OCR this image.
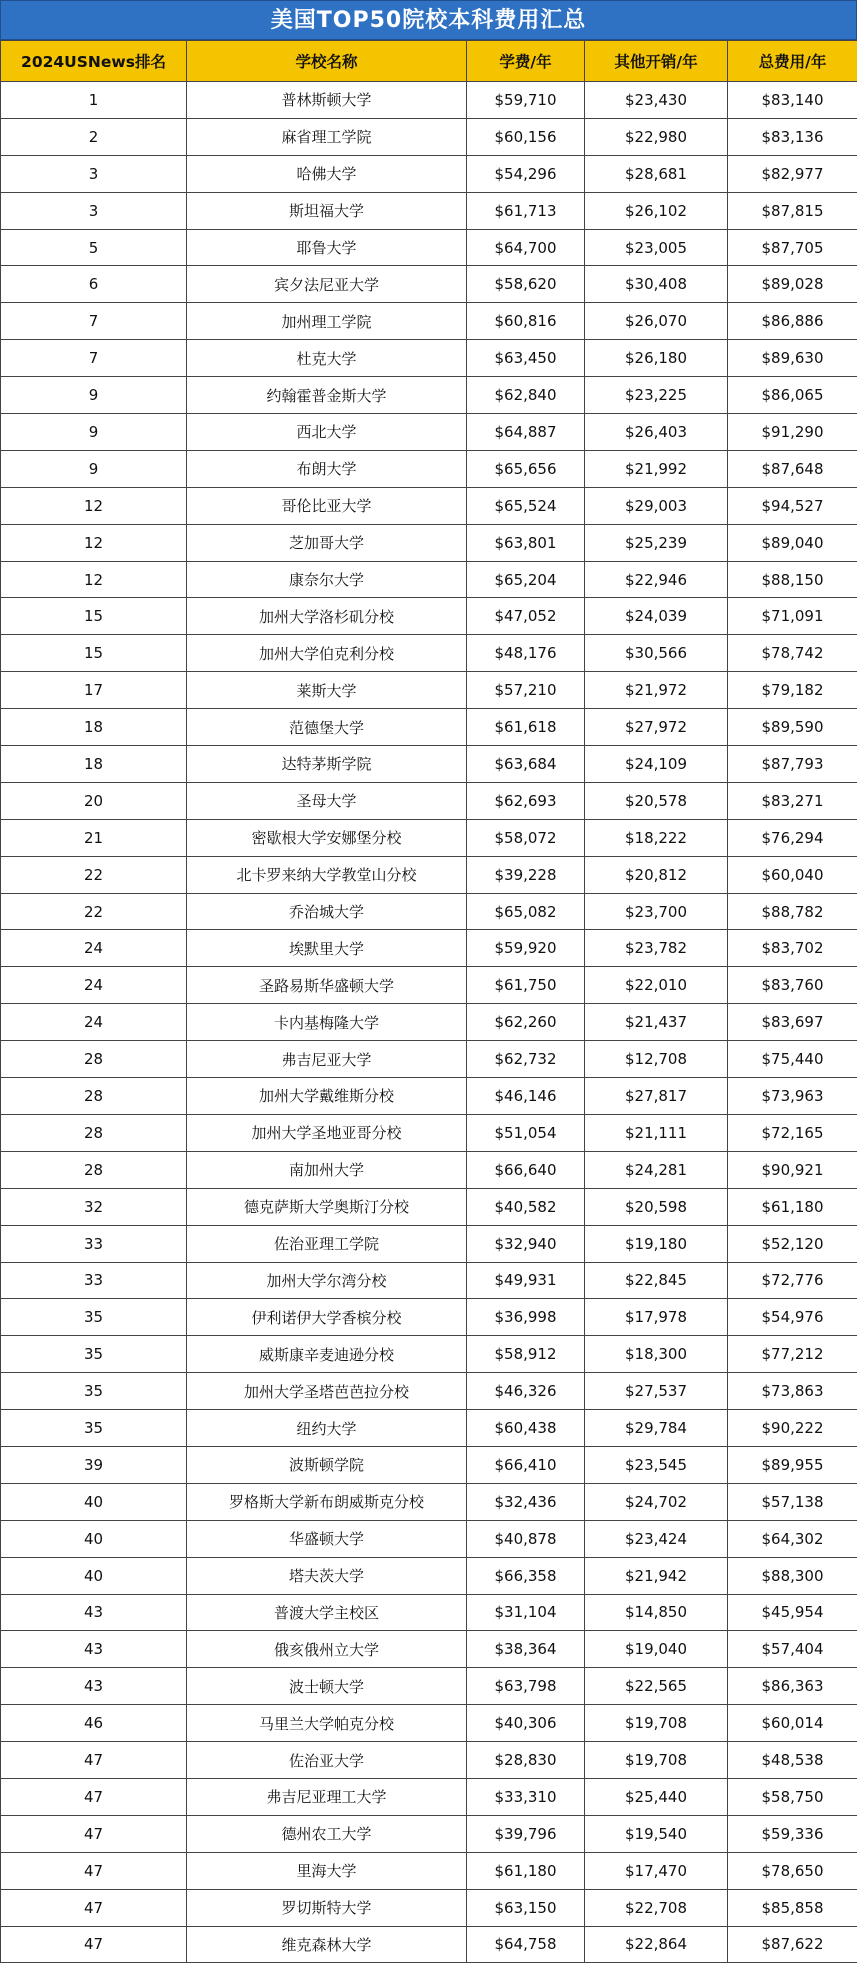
美国TOP50院校本科费用汇总
2024USNews排名	学校名称	学费/年	其他开销/年	总费用/年
1	普林斯顿大学	$59,710	$23,430	$83,140
2	麻省理工学院	$60,156	$22,980	$83,136
3	哈佛大学	$54,296	$28,681	$82,977
3	斯坦福大学	$61,713	$26,102	$87,815
5	耶鲁大学	$64,700	$23,005	$87,705
6	宾夕法尼亚大学	$58,620	$30,408	$89,028
7	加州理工学院	$60,816	$26,070	$86,886
7	杜克大学	$63,450	$26,180	$89,630
9	约翰霍普金斯大学	$62,840	$23,225	$86,065
9	西北大学	$64,887	$26,403	$91,290
9	布朗大学	$65,656	$21,992	$87,648
12	哥伦比亚大学	$65,524	$29,003	$94,527
12	芝加哥大学	$63,801	$25,239	$89,040
12	康奈尔大学	$65,204	$22,946	$88,150
15	加州大学洛杉矶分校	$47,052	$24,039	$71,091
15	加州大学伯克利分校	$48,176	$30,566	$78,742
17	莱斯大学	$57,210	$21,972	$79,182
18	范德堡大学	$61,618	$27,972	$89,590
18	达特茅斯学院	$63,684	$24,109	$87,793
20	圣母大学	$62,693	$20,578	$83,271
21	密歇根大学安娜堡分校	$58,072	$18,222	$76,294
22	北卡罗来纳大学教堂山分校	$39,228	$20,812	$60,040
22	乔治城大学	$65,082	$23,700	$88,782
24	埃默里大学	$59,920	$23,782	$83,702
24	圣路易斯华盛顿大学	$61,750	$22,010	$83,760
24	卡内基梅隆大学	$62,260	$21,437	$83,697
28	弗吉尼亚大学	$62,732	$12,708	$75,440
28	加州大学戴维斯分校	$46,146	$27,817	$73,963
28	加州大学圣地亚哥分校	$51,054	$21,111	$72,165
28	南加州大学	$66,640	$24,281	$90,921
32	德克萨斯大学奥斯汀分校	$40,582	$20,598	$61,180
33	佐治亚理工学院	$32,940	$19,180	$52,120
33	加州大学尔湾分校	$49,931	$22,845	$72,776
35	伊利诺伊大学香槟分校	$36,998	$17,978	$54,976
35	威斯康辛麦迪逊分校	$58,912	$18,300	$77,212
35	加州大学圣塔芭芭拉分校	$46,326	$27,537	$73,863
35	纽约大学	$60,438	$29,784	$90,222
39	波斯顿学院	$66,410	$23,545	$89,955
40	罗格斯大学新布朗威斯克分校	$32,436	$24,702	$57,138
40	华盛顿大学	$40,878	$23,424	$64,302
40	塔夫茨大学	$66,358	$21,942	$88,300
43	普渡大学主校区	$31,104	$14,850	$45,954
43	俄亥俄州立大学	$38,364	$19,040	$57,404
43	波士顿大学	$63,798	$22,565	$86,363
46	马里兰大学帕克分校	$40,306	$19,708	$60,014
47	佐治亚大学	$28,830	$19,708	$48,538
47	弗吉尼亚理工大学	$33,310	$25,440	$58,750
47	德州农工大学	$39,796	$19,540	$59,336
47	里海大学	$61,180	$17,470	$78,650
47	罗切斯特大学	$63,150	$22,708	$85,858
47	维克森林大学	$64,758	$22,864	$87,622
